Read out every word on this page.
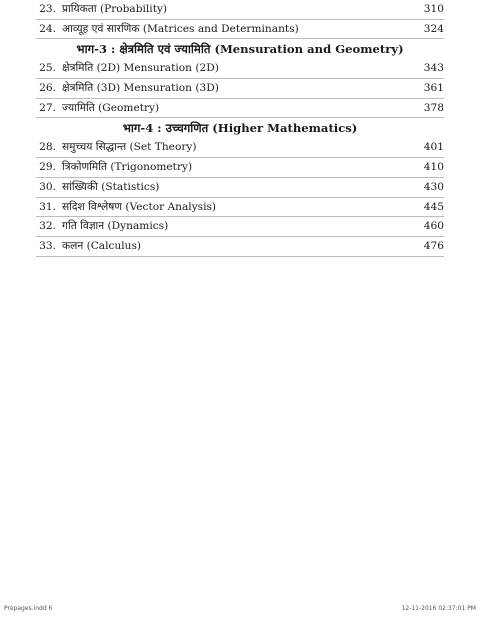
23. प्रायिकता (Probability)	310
24. आव्यूह एवं सारणिक (Matrices and Determinants)	324
भाग-3 : क्षेत्रमिति एवं ज्यामिति (Mensuration and Geometry)
25. क्षेत्रमिति (2D) Mensuration (2D)	343
26. क्षेत्रमिति (3D) Mensuration (3D)	361
27. ज्यामिति (Geometry)	378
भाग-4 : उच्चगणित (Higher Mathematics)
28. समुच्चय सिद्धान्त (Set Theory)	401
29. त्रिकोणमिति (Trigonometry)	410
30. सांख्यिकी (Statistics)	430
31. सदिश विश्लेषण (Vector Analysis)	445
32. गति विज्ञान (Dynamics)	460
33. कलन (Calculus)	476
Prepages.indd 6	12-11-2016 02:37:01 PM
